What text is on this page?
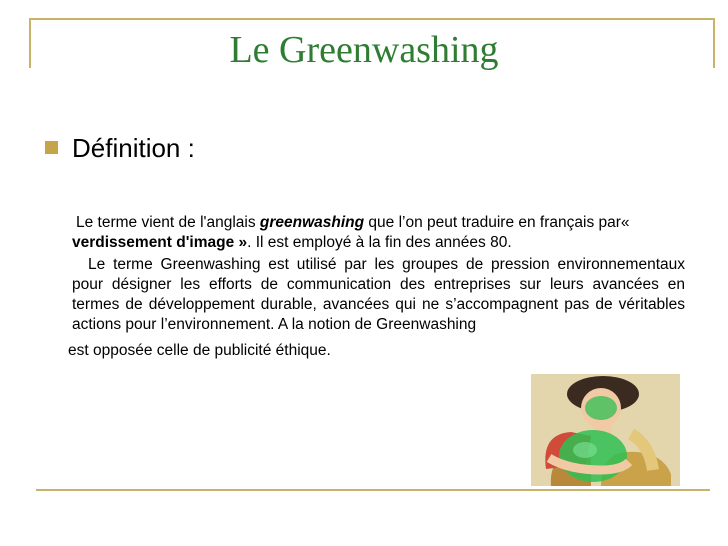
Le Greenwashing
Définition :
Le terme vient de l'anglais greenwashing que l’on peut traduire en français par« verdissement d'image ». Il est employé à la fin des années 80.
Le terme Greenwashing est utilisé par les groupes de pression environnementaux pour désigner les efforts de communication des entreprises sur leurs avancées en termes de développement durable, avancées qui ne s’accompagnent pas de véritables actions pour l’environnement. A la notion de Greenwashing
est opposée celle de publicité éthique.
